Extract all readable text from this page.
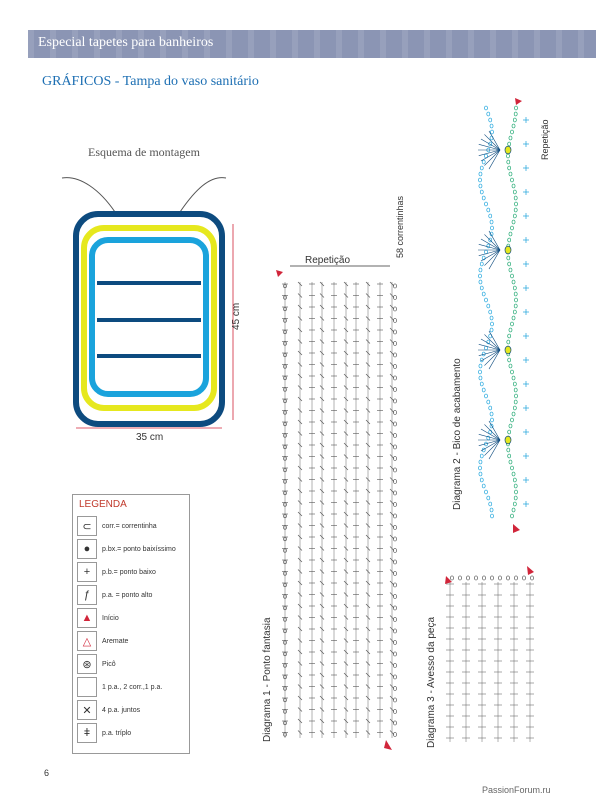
Especial tapetes para banheiros
GRÁFICOS - Tampa do vaso sanitário
Esquema de montagem
35 cm
45 cm
Repetição
58 correntinhas
Diagrama 1 - Ponto fantasia
Diagrama 2 - Bico de acabamento
Repetição
Diagrama 3 - Avesso da peça
LEGENDA
⊂	corr.= correntinha
●	p.bx.= ponto baixíssimo
+	p.b.= ponto baixo
ƒ	p.a. = ponto alto
▲	Início
△	Aremate
⊛	Picô
1 p.a., 2 corr.,1 p.a.
✕	4 p.a. juntos
ǂ	p.a. tríplo
6
PassionForum.ru
